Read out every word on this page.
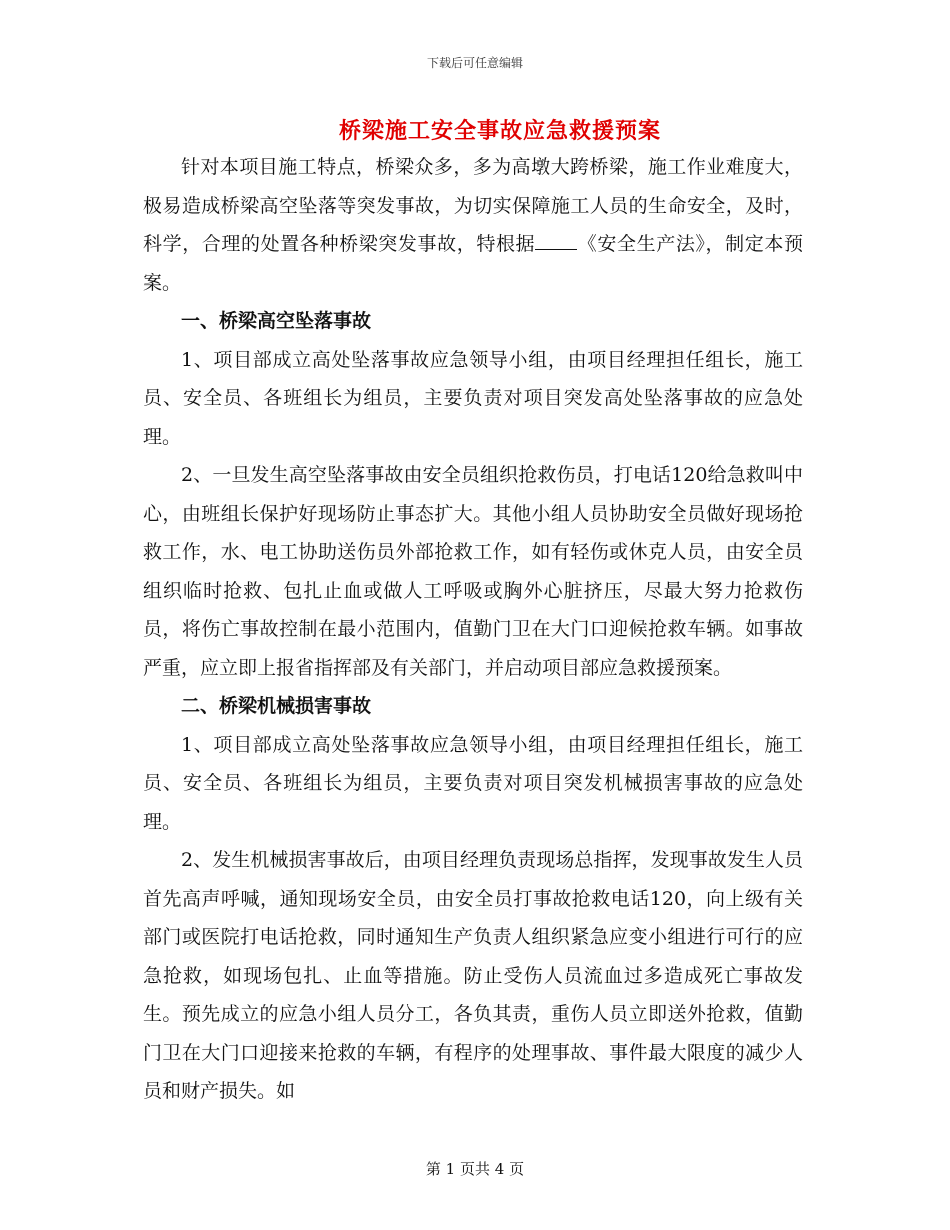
下载后可任意编辑
桥梁施工安全事故应急救援预案

针对本项目施工特点，桥梁众多，多为高墩大跨桥梁，施工作业难度大，极易造成桥梁高空坠落等突发事故，为切实保障施工人员的生命安全，及时，科学，合理的处置各种桥梁突发事故，特根据 《安全生产法》，制定本预案。

一、桥梁高空坠落事故

1、项目部成立高处坠落事故应急领导小组，由项目经理担任组长，施工员、安全员、各班组长为组员，主要负责对项目突发高处坠落事故的应急处理。

2、一旦发生高空坠落事故由安全员组织抢救伤员，打电话120给急救叫中心，由班组长保护好现场防止事态扩大。其他小组人员协助安全员做好现场抢救工作，水、电工协助送伤员外部抢救工作，如有轻伤或休克人员，由安全员组织临时抢救、包扎止血或做人工呼吸或胸外心脏挤压，尽最大努力抢救伤员，将伤亡事故控制在最小范围内，值勤门卫在大门口迎候抢救车辆。如事故严重，应立即上报省指挥部及有关部门，并启动项目部应急救援预案。

二、桥梁机械损害事故

1、项目部成立高处坠落事故应急领导小组，由项目经理担任组长，施工员、安全员、各班组长为组员，主要负责对项目突发机械损害事故的应急处理。

2、发生机械损害事故后，由项目经理负责现场总指挥，发现事故发生人员首先高声呼喊，通知现场安全员，由安全员打事故抢救电话120，向上级有关部门或医院打电话抢救，同时通知生产负责人组织紧急应变小组进行可行的应急抢救，如现场包扎、止血等措施。防止受伤人员流血过多造成死亡事故发生。预先成立的应急小组人员分工，各负其责，重伤人员立即送外抢救，值勤门卫在大门口迎接来抢救的车辆，有程序的处理事故、事件最大限度的减少人员和财产损失。如

第 1 页共 4 页
